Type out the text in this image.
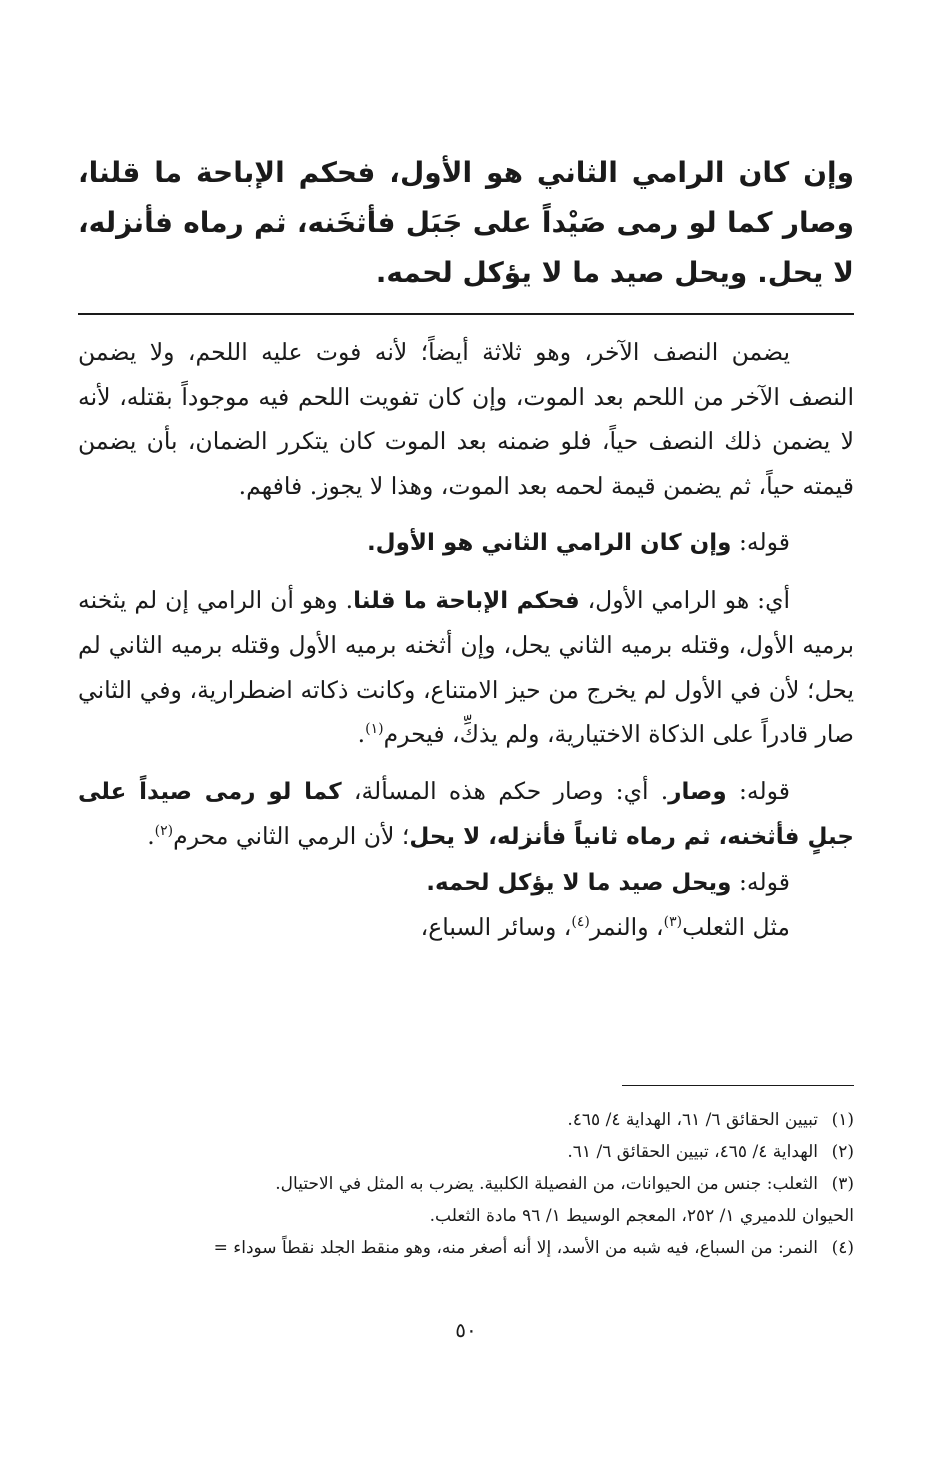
وإن كان الرامي الثاني هو الأول، فحكم الإباحة ما قلنا، وصار كما لو رمى صَيْداً على جَبَل فأثخَنه، ثم رماه فأنزله، لا يحل. ويحل صيد ما لا يؤكل لحمه.

يضمن النصف الآخر، وهو ثلاثة أيضاً؛ لأنه فوت عليه اللحم، ولا يضمن النصف الآخر من اللحم بعد الموت، وإن كان تفويت اللحم فيه موجوداً بقتله، لأنه لا يضمن ذلك النصف حياً، فلو ضمنه بعد الموت كان يتكرر الضمان، بأن يضمن قيمته حياً، ثم يضمن قيمة لحمه بعد الموت، وهذا لا يجوز. فافهم.

قوله: وإن كان الرامي الثاني هو الأول.

أي: هو الرامي الأول، فحكم الإباحة ما قلنا. وهو أن الرامي إن لم يثخنه برميه الأول، وقتله برميه الثاني يحل، وإن أثخنه برميه الأول وقتله برميه الثاني لم يحل؛ لأن في الأول لم يخرج من حيز الامتناع، وكانت ذكاته اضطرارية، وفي الثاني صار قادراً على الذكاة الاختيارية، ولم يذكِّ، فيحرم$^{(١)}$.

قوله: وصار. أي: وصار حكم هذه المسألة، كما لو رمى صيداً على جبلٍ فأثخنه، ثم رماه ثانياً فأنزله، لا يحل؛ لأن الرمي الثاني محرم$^{(٢)}$.

قوله: ويحل صيد ما لا يؤكل لحمه.

مثل الثعلب$^{(٣)}$، والنمر$^{(٤)}$، وسائر السباع،

(١)
تبيين الحقائق ٦/ ٦١، الهداية ٤/ ٤٦٥.
(٢)
الهداية ٤/ ٤٦٥، تبيين الحقائق ٦/ ٦١.
(٣)
الثعلب: جنس من الحيوانات، من الفصيلة الكلبية. يضرب به المثل في الاحتيال.
الحيوان للدميري ١/ ٢٥٢، المعجم الوسيط ١/ ٩٦ مادة الثعلب.
(٤)
النمر: من السباع، فيه شبه من الأسد، إلا أنه أصغر منه، وهو منقط الجلد نقطاً سوداء =
٥٠
